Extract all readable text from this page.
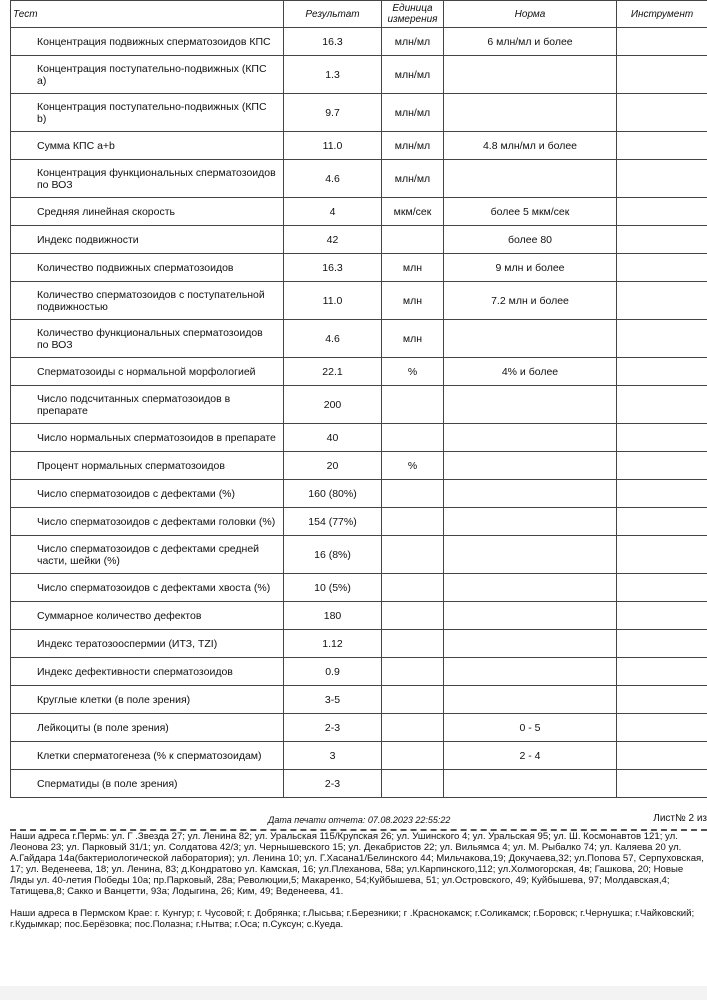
Тест	Результат	Единица измерения	Норма	Инструмент
Концентрация подвижных сперматозоидов КПС	16.3	млн/мл	6 млн/мл и более	
Концентрация поступательно-подвижных (КПС a)	1.3	млн/мл		
Концентрация поступательно-подвижных (КПС b)	9.7	млн/мл		
Сумма КПС a+b	11.0	млн/мл	4.8 млн/мл и более	
Концентрация функциональных сперматозоидов по ВОЗ	4.6	млн/мл		
Средняя линейная скорость	4	мкм/сек	более 5 мкм/сек	
Индекс подвижности	42		более 80	
Количество подвижных сперматозоидов	16.3	млн	9 млн и более	
Количество сперматозоидов с поступательной подвижностью	11.0	млн	7.2 млн и более	
Количество функциональных сперматозоидов по ВОЗ	4.6	млн		
Сперматозоиды с нормальной морфологией	22.1	%	4% и более	
Число подсчитанных сперматозоидов в препарате	200			
Число нормальных сперматозоидов в препарате	40			
Процент нормальных сперматозоидов	20	%		
Число сперматозоидов с дефектами (%)	160 (80%)			
Число сперматозоидов с дефектами головки (%)	154 (77%)			
Число сперматозоидов с дефектами средней части, шейки (%)	16 (8%)			
Число сперматозоидов с дефектами хвоста (%)	10 (5%)			
Суммарное количество дефектов	180			
Индекс тератозооспермии (ИТЗ, TZI)	1.12			
Индекс дефективности сперматозоидов	0.9			
Круглые клетки (в поле зрения)	3-5			
Лейкоциты (в поле зрения)	2-3		0 - 5	
Клетки сперматогенеза (% к сперматозоидам)	3		2 - 4	
Сперматиды (в поле зрения)	2-3			
Дата печати отчета: 07.08.2023 22:55:22	Лист№ 2 из

Наши адреса г.Пермь: ул. Г .Звезда 27; ул. Ленина 82; ул. Уральская 115/Крупская 26; ул. Ушинского 4; ул. Уральская 95; ул. Ш. Космонавтов 121; ул. Леонова 23; ул. Парковый 31/1; ул. Солдатова 42/3; ул. Чернышевского 15; ул. Декабристов 22; ул. Вильямса 4; ул. М. Рыбалко 74; ул. Каляева 20 ул. А.Гайдара 14а(бактериологической лаборатория); ул. Ленина 10; ул. Г.Хасана1/Белинского 44; Мильчакова,19; Докучаева,32; ул.Попова 57, Серпуховская, 17; ул. Веденеева, 18; ул. Ленина, 83; д.Кондратово ул. Камская, 16; ул.Плеханова, 58а; ул.Карпинского,112; ул.Холмогорская, 4в; Гашкова, 20; Новые Ляды ул. 40-летия Победы 10а; пр.Парковый, 28а; Революции,5; Макаренко, 54;Куйбышева, 51; ул.Островского, 49; Куйбышева, 97; Молдавская,4; Татищева,8; Сакко и Ванцетти, 93а; Лодыгина, 26; Ким, 49; Веденеева, 41.

Наши адреса в Пермском Крае: г. Кунгур; г. Чусовой; г. Добрянка; г.Лысьва; г.Березники; г .Краснокамск; г.Соликамск; г.Боровск; г.Чернушка; г.Чайковский; г.Кудымкар; пос.Берёзовка; пос.Полазна; г.Нытва; г.Оса; п.Суксун; с.Куеда.
